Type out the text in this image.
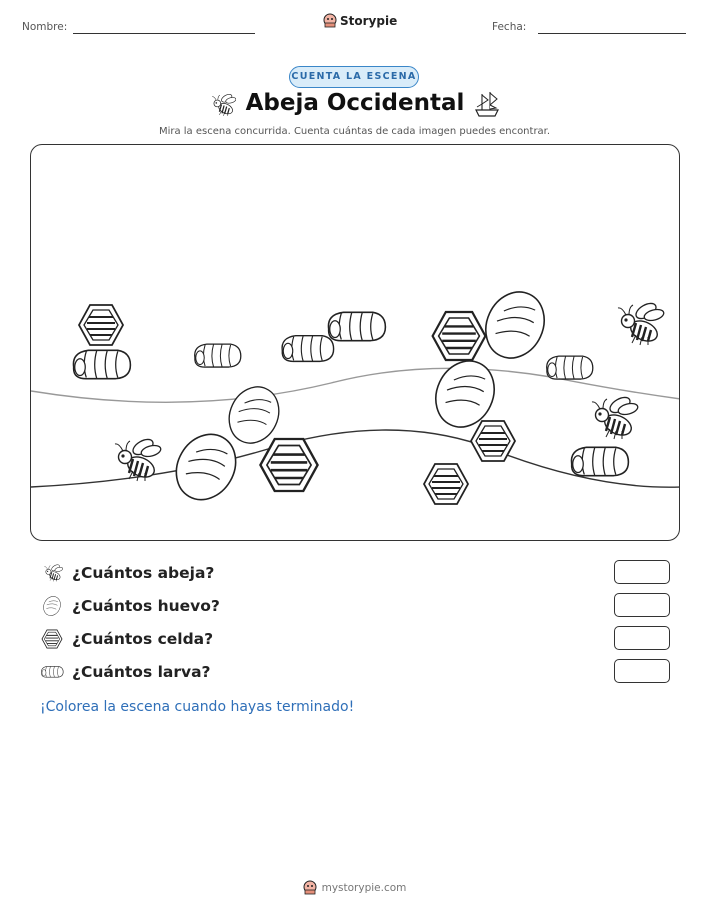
Nombre:	Storypie	Fecha:
CUENTA LA ESCENA
Abeja Occidental
Mira la escena concurrida. Cuenta cuántas de cada imagen puedes encontrar.
¿Cuántos abeja?
¿Cuántos huevo?
¿Cuántos celda?
¿Cuántos larva?
¡Colorea la escena cuando hayas terminado!
mystorypie.com
